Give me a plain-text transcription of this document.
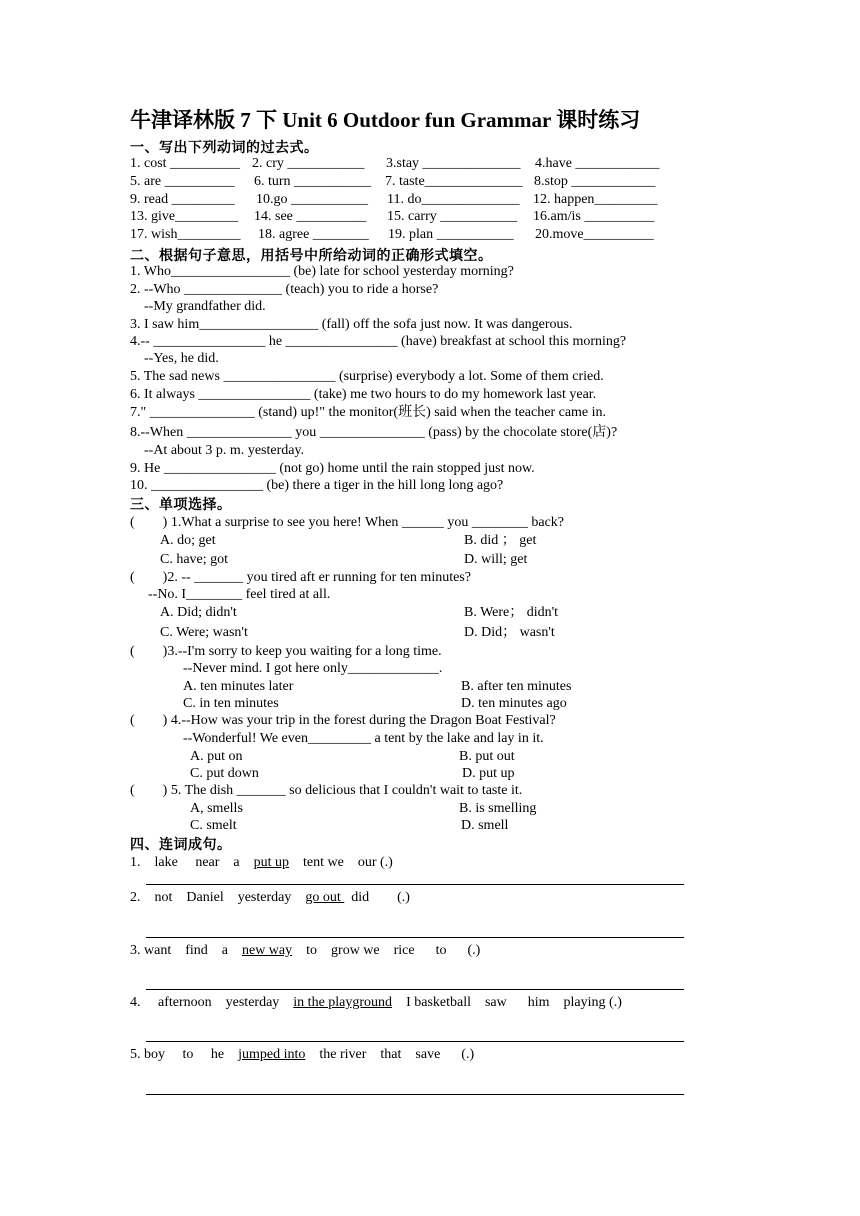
牛津译林版 7 下 Unit 6 Outdoor fun Grammar 课时练习
一、写出下列动词的过去式。
1. cost __________ 2. cry ___________ 3.stay ______________ 4.have ____________
5. are __________ 6. turn ___________ 7. taste______________ 8.stop ____________
9. read _________ 10.go ___________ 11. do______________ 12. happen_________
13. give_________ 14. see __________ 15. carry ___________ 16.am/is __________
17. wish_________ 18. agree ________ 19. plan ___________ 20.move__________
二、根据句子意思，用括号中所给动词的正确形式填空。
1. Who_________________ (be) late for school yesterday morning?
2. --Who ______________ (teach) you to ride a horse?
--My grandfather did.
3. I saw him_________________ (fall) off the sofa just now. It was dangerous.
4.-- ________________ he ________________ (have) breakfast at school this morning?
--Yes, he did.
5. The sad news ________________ (surprise) everybody a lot. Some of them cried.
6. It always ________________ (take) me two hours to do my homework last year.
7." _______________ (stand) up!" the monitor(班长) said when the teacher came in.
8.--When _______________ you _______________ (pass) by the chocolate store(店)?
--At about 3 p. m. yesterday.
9. He ________________ (not go) home until the rain stopped just now.
10. ________________ (be) there a tiger in the hill long long ago?
三、单项选择。
(        ) 1.What a surprise to see you here! When ______ you ________ back?
A. do; get	B. did ； get
C. have; got	D. will; get
(        )2. -- _______ you tired aft er running for ten minutes?
--No. I________ feel tired at all.
A. Did; didn't	B. Were； didn't
C. Were; wasn't	D. Did； wasn't
(        )3.--I'm sorry to keep you waiting for a long time.
--Never mind. I got here only_____________.
A. ten minutes later	B. after ten minutes
C. in ten minutes	D. ten minutes ago
(        ) 4.--How was your trip in the forest during the Dragon Boat Festival?
--Wonderful! We even_________ a tent by the lake and lay in it.
A. put on	B. put out
C. put down	D. put up
(        ) 5. The dish _______ so delicious that I couldn't wait to taste it.
A, smells	B. is smelling
C. smelt	D. smell
四、连词成句。
1.    lake     near    a    put up    tent we    our (.)
2.    not    Daniel    yesterday    go out   did        (.)
3. want    find    a    new way    to    grow we    rice      to      (.)
4.     afternoon    yesterday    in the playground    I basketball    saw      him    playing (.)
5. boy     to     he    jumped into    the river    that    save      (.)
